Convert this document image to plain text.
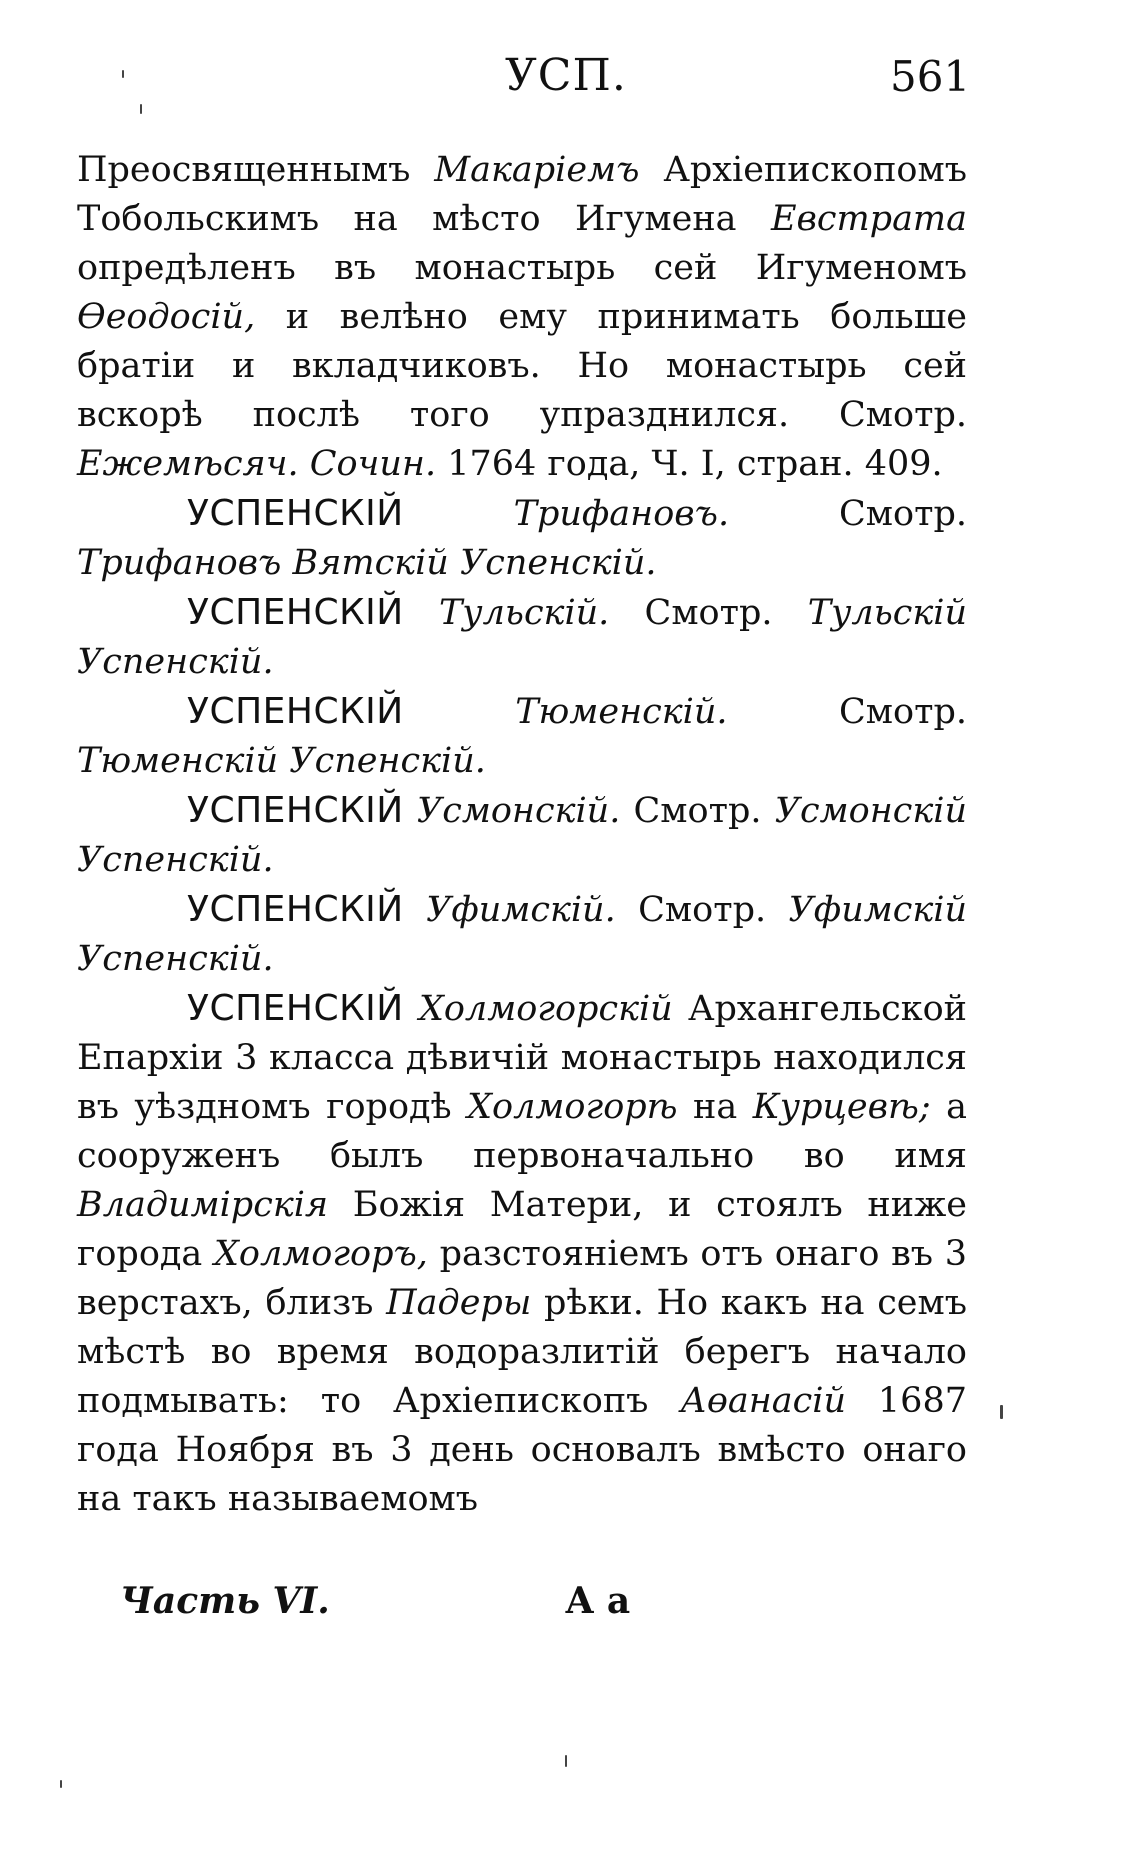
УСП.	561

Преосвященнымъ Макаріемъ Архіепископомъ Тобольскимъ на мѣсто Игумена Евстрата опредѣленъ въ монастырь сей Игуменомъ Өеодосій, и велѣно ему принимать больше братіи и вкладчиковъ. Но монастырь сей вскорѣ послѣ того упразднился. Смотр. Ежемѣсяч. Сочин. 1764 года, Ч. I, стран. 409.

УСПЕНСКІЙ	Трифановъ. Смотр. Трифановъ Вятскій Успенскій.

УСПЕНСКІЙ Тульскій. Смотр. Тульскій Успенскій.

УСПЕНСКІЙ	Тюменскій. Смотр. Тюменскій Успенскій.

УСПЕНСКІЙ Усмонскій. Смотр. Усмонскій Успенскій.

УСПЕНСКІЙ Уфимскій. Смотр. Уфимскій Успенскій.

УСПЕНСКІЙ Холмогорскій Архангельской Епархіи 3 класса дѣвичій монастырь находился въ уѣздномъ городѣ Холмогорѣ на Курцевѣ; а сооруженъ былъ первоначально во имя Владимірскія Божія Матери, и стоялъ ниже города Холмогоръ, разстояніемъ отъ онаго въ 3 верстахъ, близъ Падеры рѣки. Но какъ на семъ мѣстѣ во время водоразлитій берегъ начало подмывать: то Архіепископъ Аөанасій 1687 года Ноября въ 3 день основалъ вмѣсто онаго на такъ называемомъ

Часть VI.	А а
